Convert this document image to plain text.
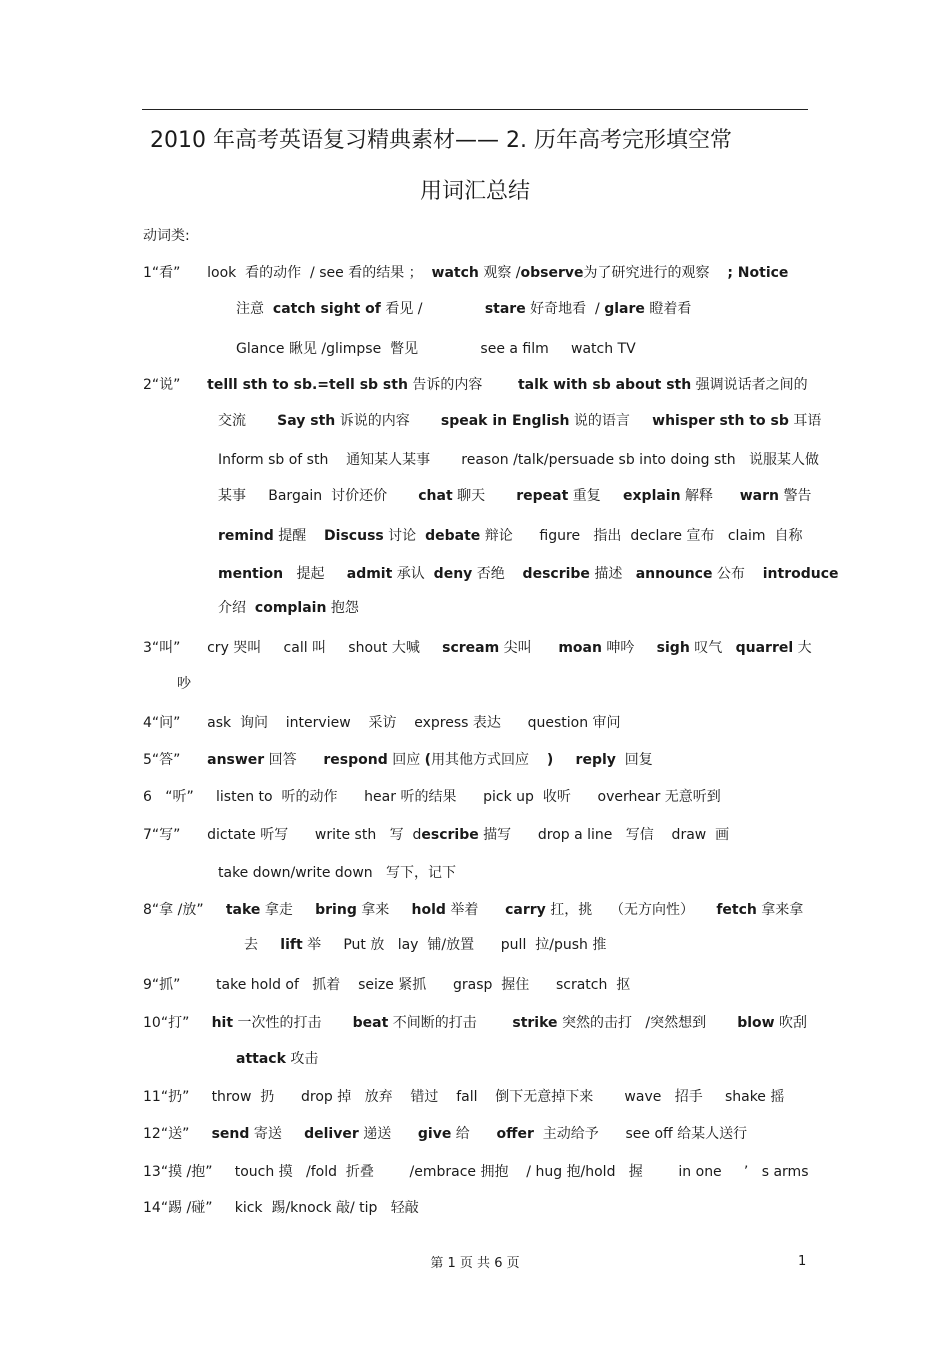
2010 年高考英语复习精典素材—— 2. 历年高考完形填空常
用词汇总结
动词类:
1“看”      look  看的动作  / see 看的结果 ；  watch 观察 /observe为了研究进行的观察    ; Notice
注意  catch sight of 看见 /              stare 好奇地看  / glare 瞪着看
Glance 瞅见 /glimpse  瞥见              see a film     watch TV
2“说”      telll sth to sb.=tell sb sth 告诉的内容        talk with sb about sth 强调说话者之间的
交流       Say sth 诉说的内容       speak in English 说的语言     whisper sth to sb 耳语
Inform sb of sth    通知某人某事       reason /talk/persuade sb into doing sth   说服某人做
某事     Bargain  讨价还价       chat 聊天       repeat 重复     explain 解释      warn 警告
remind 提醒    Discuss 讨论  debate 辩论      figure   指出  declare 宣布   claim  自称
mention   提起     admit 承认  deny 否绝    describe 描述   announce 公布    introduce
介绍  complain 抱怨
3“叫”      cry 哭叫     call 叫     shout 大喊     scream 尖叫      moan 呻吟     sigh 叹气   quarrel 大
吵
4“问”      ask  询问    interview    采访    express 表达      question 审问
5“答”      answer 回答      respond 回应 (用其他方式回应    ) reply  回复
6   “听”     listen to  听的动作      hear 听的结果      pick up  收听      overhear 无意听到
7“写”      dictate 听写      write sth   写  describe 描写      drop a line   写信    draw  画
take down/write down   写下，记下
8“拿 /放”     take 拿走     bring 拿来     hold 举着      carry 扛，挑    （无方向性）     fetch 拿来拿
去     lift 举     Put 放   lay  铺/放置      pull  拉/push 推
9“抓”        take hold of   抓着    seize 紧抓      grasp  握住      scratch  抠
10“打”     hit 一次性的打击       beat 不间断的打击        strike 突然的击打   /突然想到       blow 吹刮
attack 攻击
11“扔”     throw  扔      drop 掉   放弃    错过    fall    倒下无意掉下来       wave   招手     shake 摇
12“送”     send 寄送     deliver 递送      give 给      offer  主动给予      see off 给某人送行
13“摸 /抱”     touch 摸   /fold  折叠        /embrace 拥抱    / hug 抱/hold   握        in one     ’   s arms
14“踢 /碰”     kick  踢/knock 敲/ tip   轻敲
第 1 页 共 6 页	1
